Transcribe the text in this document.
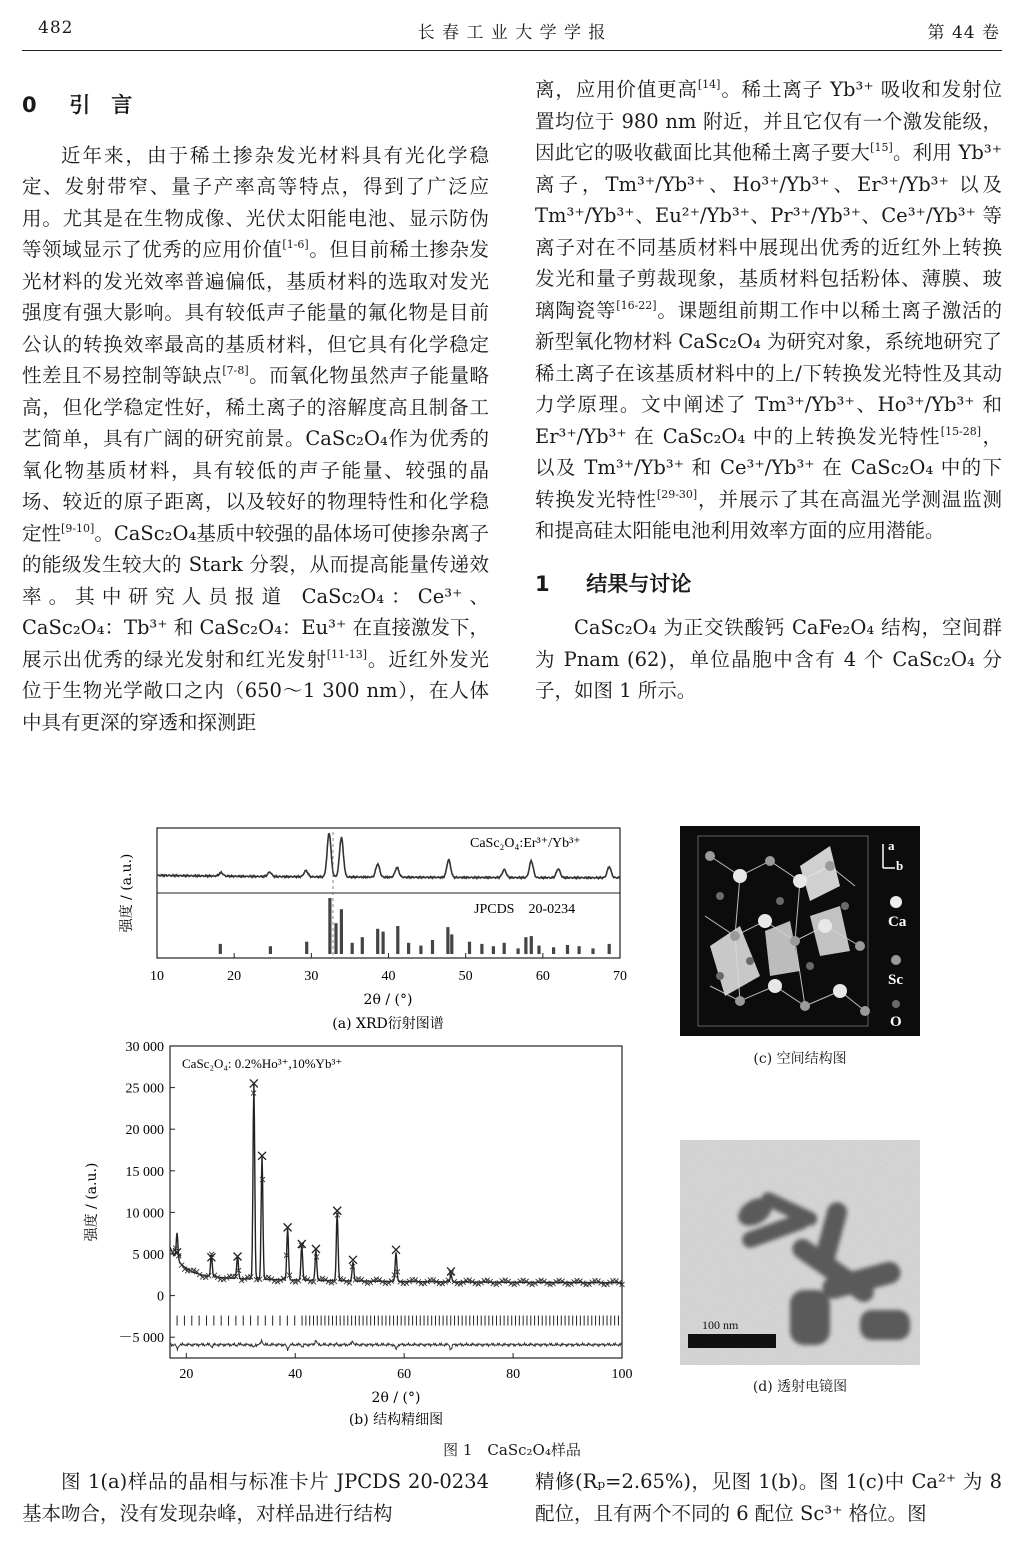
482	长 春 工 业 大 学 学 报	第 44 卷
0 引　言

近年来，由于稀土掺杂发光材料具有光化学稳定、发射带窄、量子产率高等特点，得到了广泛应用。尤其是在生物成像、光伏太阳能电池、显示防伪等领域显示了优秀的应用价值[1-6]。但目前稀土掺杂发光材料的发光效率普遍偏低，基质材料的选取对发光强度有强大影响。具有较低声子能量的氟化物是目前公认的转换效率最高的基质材料，但它具有化学稳定性差且不易控制等缺点[7-8]。而氧化物虽然声子能量略高，但化学稳定性好，稀土离子的溶解度高且制备工艺简单，具有广阔的研究前景。CaSc₂O₄作为优秀的氧化物基质材料，具有较低的声子能量、较强的晶场、较近的原子距离，以及较好的物理特性和化学稳定性[9-10]。CaSc₂O₄基质中较强的晶体场可使掺杂离子的能级发生较大的 Stark 分裂，从而提高能量传递效率。其中研究人员报道 CaSc₂O₄：Ce³⁺、CaSc₂O₄：Tb³⁺ 和 CaSc₂O₄：Eu³⁺ 在直接激发下，展示出优秀的绿光发射和红光发射[11-13]。近红外发光位于生物光学敞口之内（650～1 300 nm），在人体中具有更深的穿透和探测距

离，应用价值更高[14]。稀土离子 Yb³⁺ 吸收和发射位置均位于 980 nm 附近，并且它仅有一个激发能级，因此它的吸收截面比其他稀土离子要大[15]。利用 Yb³⁺ 离子，Tm³⁺/Yb³⁺、Ho³⁺/Yb³⁺、Er³⁺/Yb³⁺ 以及 Tm³⁺/Yb³⁺、Eu²⁺/Yb³⁺、Pr³⁺/Yb³⁺、Ce³⁺/Yb³⁺ 等离子对在不同基质材料中展现出优秀的近红外上转换发光和量子剪裁现象，基质材料包括粉体、薄膜、玻璃陶瓷等[16-22]。课题组前期工作中以稀土离子激活的新型氧化物材料 CaSc₂O₄ 为研究对象，系统地研究了稀土离子在该基质材料中的上/下转换发光特性及其动力学原理。文中阐述了 Tm³⁺/Yb³⁺、Ho³⁺/Yb³⁺ 和 Er³⁺/Yb³⁺ 在 CaSc₂O₄ 中的上转换发光特性[15-28]，以及 Tm³⁺/Yb³⁺ 和 Ce³⁺/Yb³⁺ 在 CaSc₂O₄ 中的下转换发光特性[29-30]，并展示了其在高温光学测温监测和提高硅太阳能电池利用效率方面的应用潜能。

1 结果与讨论

CaSc₂O₄ 为正交铁酸钙 CaFe₂O₄ 结构，空间群为 Pnam (62)，单位晶胞中含有 4 个 CaSc₂O₄ 分子，如图 1 所示。

CaSc₂O₄:Er³⁺/Yb³⁺
JPCDS　20-0234
10	20	30	40	50	60	70
强度 / (a.u.)
2θ / (°)
(a) XRD衍射图谱
30 000
25 000
20 000
15 000
10 000
5 000
0
－5 000
20	40	60	80	100
CaSc₂O₄: 0.2%Ho³⁺,10%Yb³⁺
强度 / (a.u.)
2θ / (°)
(b) 结构精细图
a
b
Ca
Sc
O
(c) 空间结构图
100 nm
(d) 透射电镜图
图 1　CaSc₂O₄样品

图 1(a)样品的晶相与标准卡片 JPCDS 20-0234 基本吻合，没有发现杂峰，对样品进行结构

精修(Rₚ=2.65%)，见图 1(b)。图 1(c)中 Ca²⁺ 为 8 配位，且有两个不同的 6 配位 Sc³⁺ 格位。图
